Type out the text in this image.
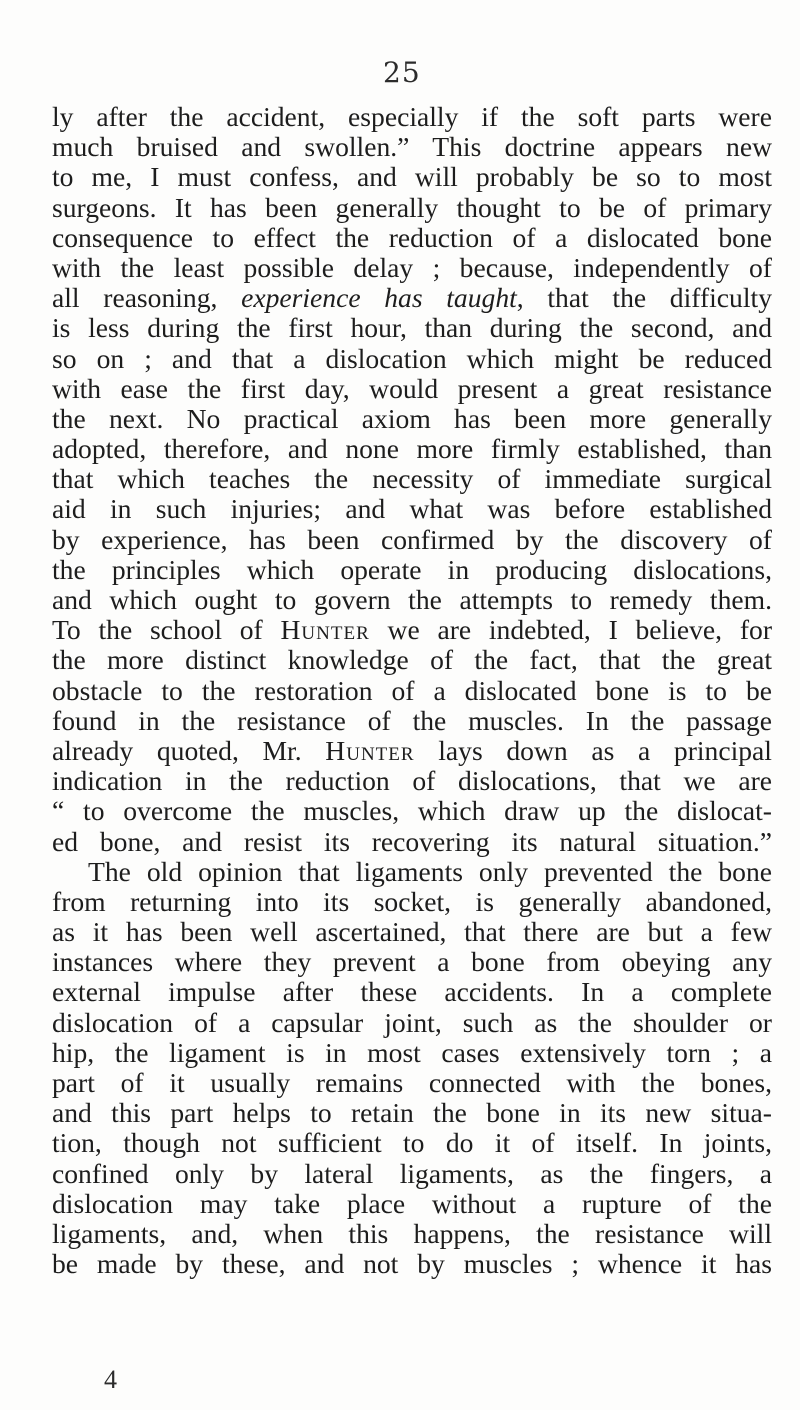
25
ly after the accident, especially if the soft parts were
much bruised and swollen.” This doctrine appears new
to me, I must confess, and will probably be so to most
surgeons. It has been generally thought to be of primary
consequence to effect the reduction of a dislocated bone
with the least possible delay ; because, independently of
all reasoning, experience has taught, that the difficulty
is less during the first hour, than during the second, and
so on ; and that a dislocation which might be reduced
with ease the first day, would present a great resistance
the next. No practical axiom has been more generally
adopted, therefore, and none more firmly established, than
that which teaches the necessity of immediate surgical
aid in such injuries; and what was before established
by experience, has been confirmed by the discovery of
the principles which operate in producing dislocations,
and which ought to govern the attempts to remedy them.
To the school of Hunter we are indebted, I believe, for
the more distinct knowledge of the fact, that the great
obstacle to the restoration of a dislocated bone is to be
found in the resistance of the muscles. In the passage
already quoted, Mr. Hunter lays down as a principal
indication in the reduction of dislocations, that we are
“ to overcome the muscles, which draw up the dislocat-
ed bone, and resist its recovering its natural situation.”
The old opinion that ligaments only prevented the bone
from returning into its socket, is generally abandoned,
as it has been well ascertained, that there are but a few
instances where they prevent a bone from obeying any
external impulse after these accidents. In a complete
dislocation of a capsular joint, such as the shoulder or
hip, the ligament is in most cases extensively torn ; a
part of it usually remains connected with the bones,
and this part helps to retain the bone in its new situa-
tion, though not sufficient to do it of itself. In joints,
confined only by lateral ligaments, as the fingers, a
dislocation may take place without a rupture of the
ligaments, and, when this happens, the resistance will
be made by these, and not by muscles ; whence it has
4
